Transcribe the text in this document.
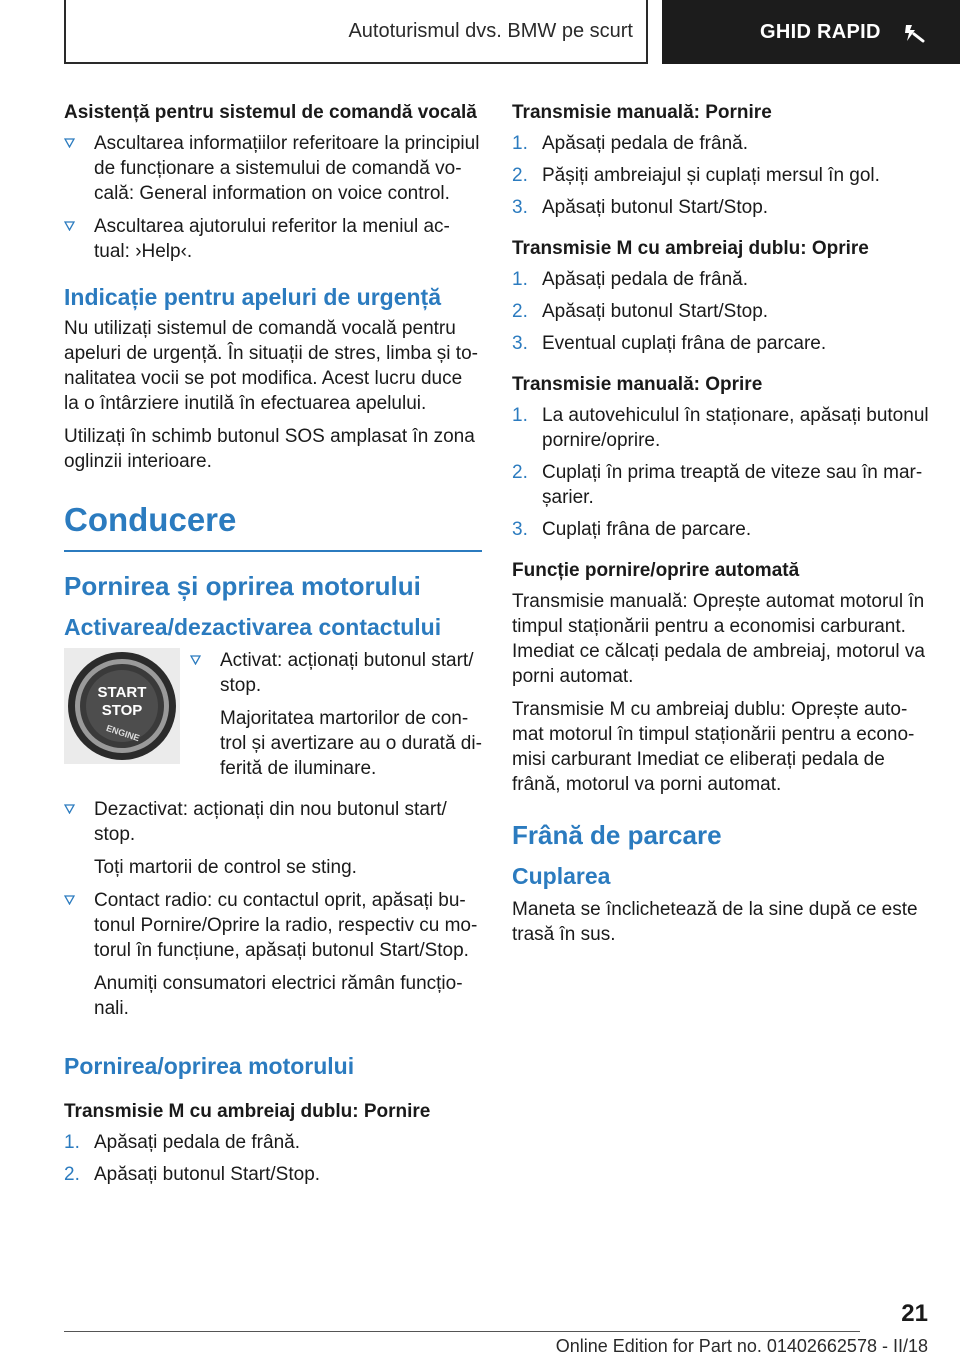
Autoturismul dvs. BMW pe scurt	GHID RAPID
Asistență pentru sistemul de comandă vocală
Ascultarea informațiilor referitoare la principiul de funcționare a sistemului de comandă vo-cală: General information on voice control.
Ascultarea ajutorului referitor la meniul ac-tual: ›Help‹.
Indicație pentru apeluri de urgență

Nu utilizați sistemul de comandă vocală pentru apeluri de urgență. În situații de stres, limba și to-nalitatea vocii se pot modifica. Acest lucru duce la o întârziere inutilă în efectuarea apelului.

Utilizați în schimb butonul SOS amplasat în zona oglinzii interioare.

Conducere
Pornirea și oprirea motorului
Activarea/dezactivarea contactului
START
STOP
ENGINE
Activat: acționați butonul start/ stop.
Majoritatea martorilor de con-trol și avertizare au o durată di-ferită de iluminare.
Dezactivat: acționați din nou butonul start/ stop.
Toți martorii de control se sting.
Contact radio: cu contactul oprit, apăsați bu-tonul Pornire/Oprire la radio, respectiv cu mo-torul în funcțiune, apăsați butonul Start/Stop.
Anumiți consumatori electrici rămân funcțio-nali.
Pornirea/oprirea motorului
Transmisie M cu ambreiaj dublu: Pornire
1. Apăsați pedala de frână.
2. Apăsați butonul Start/Stop.
Transmisie manuală: Pornire
1. Apăsați pedala de frână.
2. Pășiți ambreiajul și cuplați mersul în gol.
3. Apăsați butonul Start/Stop.
Transmisie M cu ambreiaj dublu: Oprire
1. Apăsați pedala de frână.
2. Apăsați butonul Start/Stop.
3. Eventual cuplați frâna de parcare.
Transmisie manuală: Oprire
1. La autovehiculul în staționare, apăsați butonul pornire/oprire.
2. Cuplați în prima treaptă de viteze sau în mar-șarier.
3. Cuplați frâna de parcare.
Funcție pornire/oprire automată

Transmisie manuală: Oprește automat motorul în timpul staționării pentru a economisi carburant. Imediat ce călcați pedala de ambreiaj, motorul va porni automat.

Transmisie M cu ambreiaj dublu: Oprește auto-mat motorul în timpul staționării pentru a econo-misi carburant Imediat ce eliberați pedala de frână, motorul va porni automat.

Frână de parcare
Cuplarea

Maneta se înclichetează de la sine după ce este trasă în sus.

21
Online Edition for Part no. 01402662578 - II/18
